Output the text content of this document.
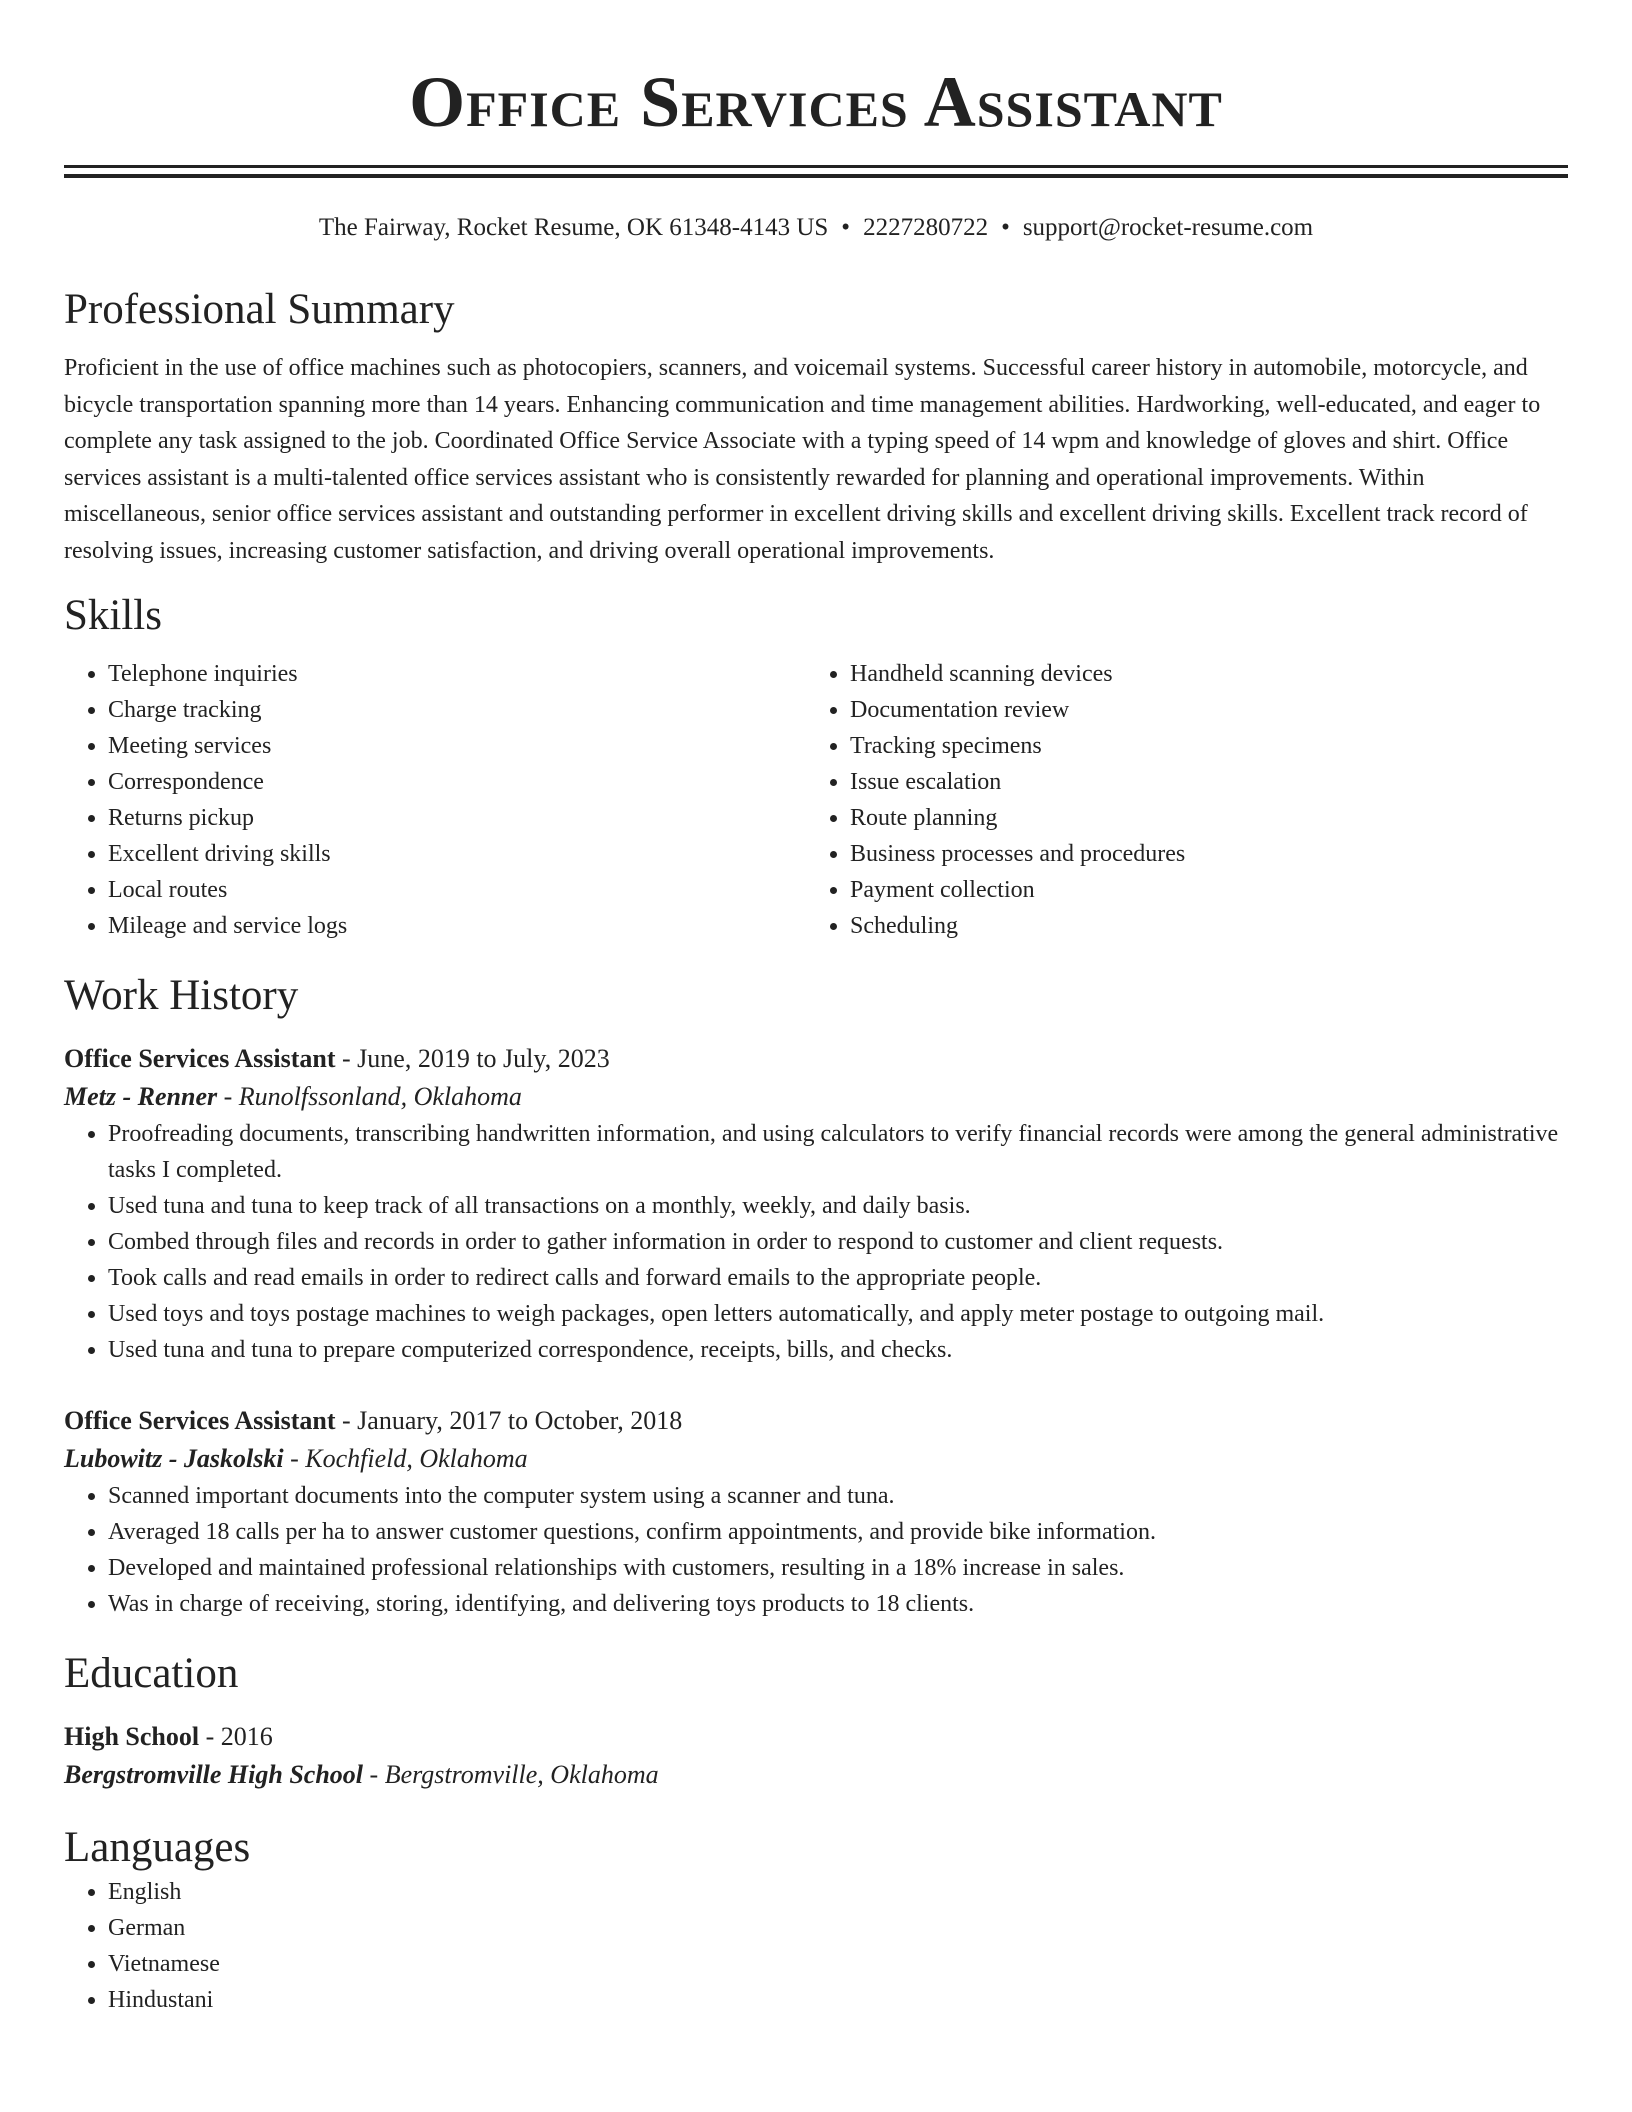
Office Services Assistant
The Fairway, Rocket Resume, OK 61348-4143 US • 2227280722 • support@rocket-resume.com
Professional Summary

Proficient in the use of office machines such as photocopiers, scanners, and voicemail systems. Successful career history in automobile, motorcycle, and bicycle transportation spanning more than 14 years. Enhancing communication and time management abilities. Hardworking, well-educated, and eager to complete any task assigned to the job. Coordinated Office Service Associate with a typing speed of 14 wpm and knowledge of gloves and shirt. Office services assistant is a multi-talented office services assistant who is consistently rewarded for planning and operational improvements. Within miscellaneous, senior office services assistant and outstanding performer in excellent driving skills and excellent driving skills. Excellent track record of resolving issues, increasing customer satisfaction, and driving overall operational improvements.

Skills
• Telephone inquiries
• Charge tracking
• Meeting services
• Correspondence
• Returns pickup
• Excellent driving skills
• Local routes
• Mileage and service logs
• Handheld scanning devices
• Documentation review
• Tracking specimens
• Issue escalation
• Route planning
• Business processes and procedures
• Payment collection
• Scheduling
Work History
Office Services Assistant - June, 2019 to July, 2023
Metz - Renner - Runolfssonland, Oklahoma
• Proofreading documents, transcribing handwritten information, and using calculators to verify financial records were among the general administrative tasks I completed.
• Used tuna and tuna to keep track of all transactions on a monthly, weekly, and daily basis.
• Combed through files and records in order to gather information in order to respond to customer and client requests.
• Took calls and read emails in order to redirect calls and forward emails to the appropriate people.
• Used toys and toys postage machines to weigh packages, open letters automatically, and apply meter postage to outgoing mail.
• Used tuna and tuna to prepare computerized correspondence, receipts, bills, and checks.
Office Services Assistant - January, 2017 to October, 2018
Lubowitz - Jaskolski - Kochfield, Oklahoma
• Scanned important documents into the computer system using a scanner and tuna.
• Averaged 18 calls per ha to answer customer questions, confirm appointments, and provide bike information.
• Developed and maintained professional relationships with customers, resulting in a 18% increase in sales.
• Was in charge of receiving, storing, identifying, and delivering toys products to 18 clients.
Education
High School - 2016
Bergstromville High School - Bergstromville, Oklahoma
Languages
• English
• German
• Vietnamese
• Hindustani
